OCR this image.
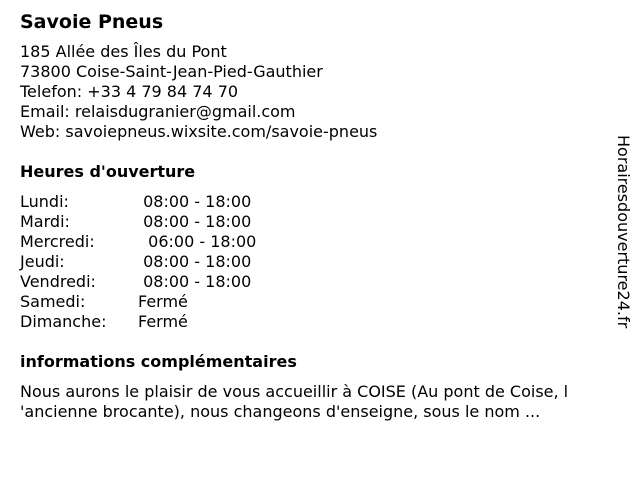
Savoie Pneus
185 Allée des Îles du Pont
73800 Coise-Saint-Jean-Pied-Gauthier
Telefon: +33 4 79 84 74 70
Email: relaisdugranier@gmail.com
Web: savoiepneus.wixsite.com/savoie-pneus
Heures d'ouverture
Lundi:	08:00 - 18:00
Mardi:	08:00 - 18:00
Mercredi:	06:00 - 18:00
Jeudi:	08:00 - 18:00
Vendredi:	08:00 - 18:00
Samedi:	Fermé
Dimanche:	Fermé
informations complémentaires
Nous aurons le plaisir de vous accueillir à COISE (Au pont de Coise, l 'ancienne brocante), nous changeons d'enseigne, sous le nom ...
Horairesdouverture24.fr
